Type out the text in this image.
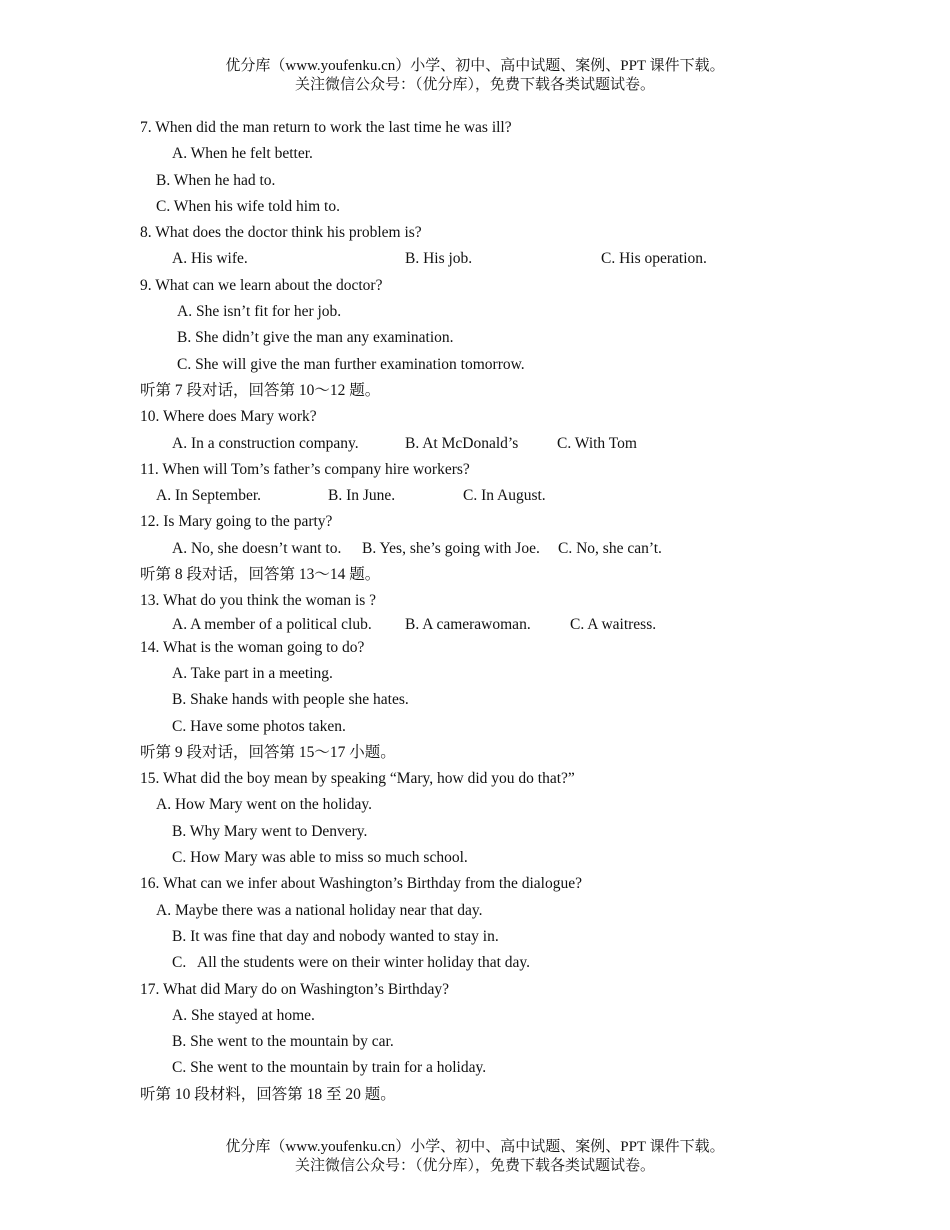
优分库（www.youfenku.cn）小学、初中、高中试题、案例、PPT 课件下载。
关注微信公众号：（优分库），免费下载各类试题试卷。
7. When did the man return to work the last time he was ill?
A. When he felt better.
B. When he had to.
C. When his wife told him to.
8. What does the doctor think his problem is?
A. His wife.	B. His job.	C. His operation.
9. What can we learn about the doctor?
A. She isn’t fit for her job.
B. She didn’t give the man any examination.
C. She will give the man further examination tomorrow.
听第 7 段对话，回答第 10～12 题。
10. Where does Mary work?
A. In a construction company.	B. At McDonald’s	C. With Tom
11. When will Tom’s father’s company hire workers?
A. In September.	B. In June.	C. In August.
12. Is Mary going to the party?
A. No, she doesn’t want to. B. Yes, she’s going with Joe. C. No, she can’t.
听第 8 段对话，回答第 13～14 题。
13. What do you think the woman is ?
A. A member of a political club. B. A camerawoman.	C. A waitress.
14. What is the woman going to do?
A. Take part in a meeting.
B. Shake hands with people she hates.
C. Have some photos taken.
听第 9 段对话，回答第 15～17 小题。
15. What did the boy mean by speaking “Mary, how did you do that?”
A. How Mary went on the holiday.
B. Why Mary went to Denvery.
C. How Mary was able to miss so much school.
16. What can we infer about Washington’s Birthday from the dialogue?
A. Maybe there was a national holiday near that day.
B. It was fine that day and nobody wanted to stay in.
C.   All the students were on their winter holiday that day.
17. What did Mary do on Washington’s Birthday?
A. She stayed at home.
B. She went to the mountain by car.
C. She went to the mountain by train for a holiday.
听第 10 段材料，回答第 18 至 20 题。
优分库（www.youfenku.cn）小学、初中、高中试题、案例、PPT 课件下载。
关注微信公众号：（优分库），免费下载各类试题试卷。
